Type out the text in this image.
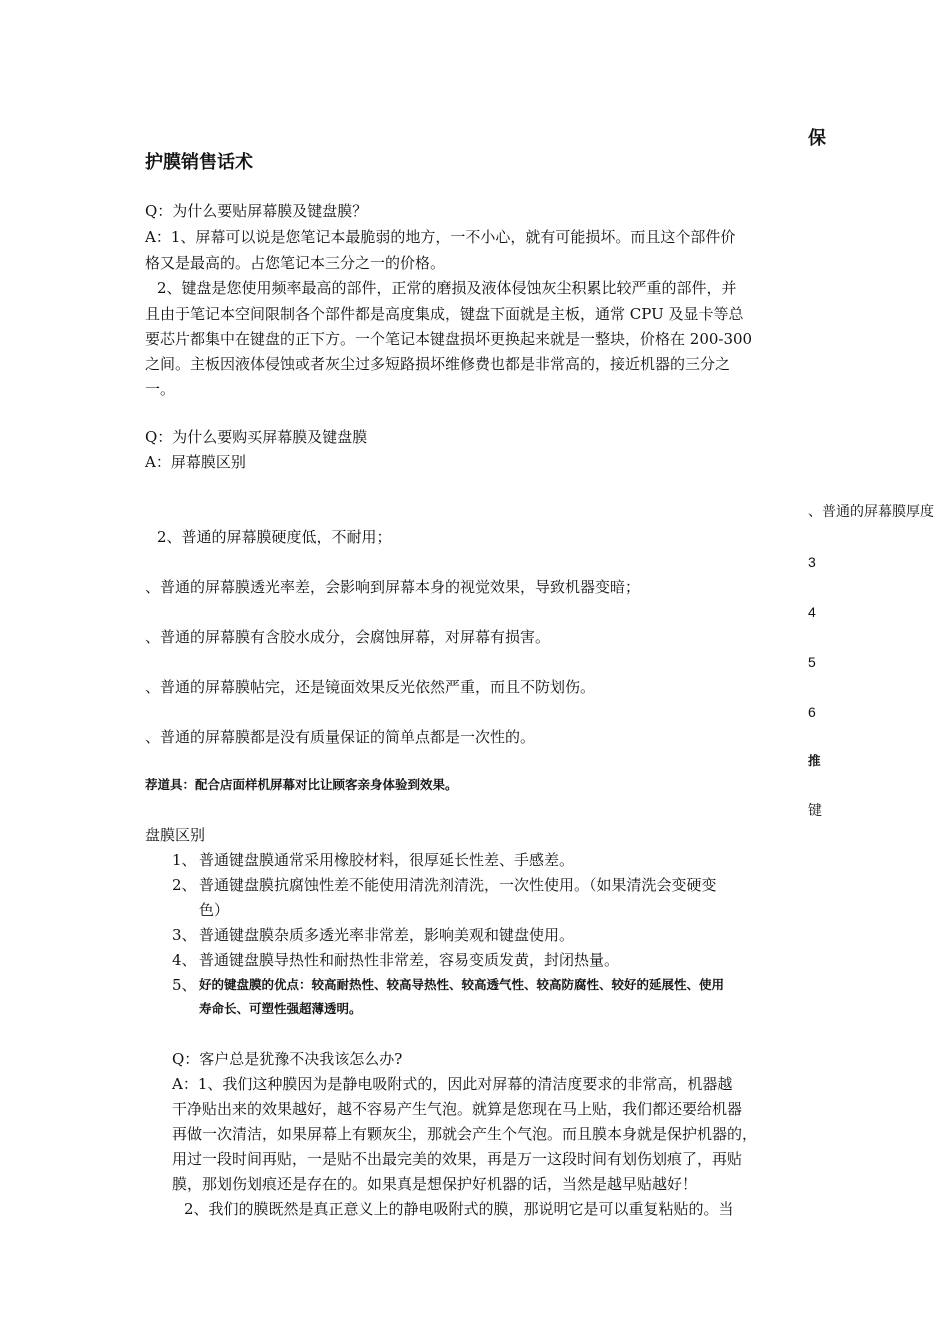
保
护膜销售话术
Q：为什么要贴屏幕膜及键盘膜？
A：1、屏幕可以说是您笔记本最脆弱的地方，一不小心，就有可能损坏。而且这个部件价
格又是最高的。占您笔记本三分之一的价格。
2、键盘是您使用频率最高的部件，正常的磨损及液体侵蚀灰尘积累比较严重的部件，并
且由于笔记本空间限制各个部件都是高度集成，键盘下面就是主板，通常 CPU 及显卡等总
要芯片都集中在键盘的正下方。一个笔记本键盘损坏更换起来就是一整块，价格在 200-300
之间。主板因液体侵蚀或者灰尘过多短路损坏维修费也都是非常高的，接近机器的三分之
一。
Q：为什么要购买屏幕膜及键盘膜
A：屏幕膜区别
、普通的屏幕膜厚度
2、普通的屏幕膜硬度低，不耐用；
3
、普通的屏幕膜透光率差，会影响到屏幕本身的视觉效果，导致机器变暗；
4
、普通的屏幕膜有含胶水成分，会腐蚀屏幕，对屏幕有损害。
5
、普通的屏幕膜帖完，还是镜面效果反光依然严重，而且不防划伤。
6
、普通的屏幕膜都是没有质量保证的简单点都是一次性的。
推
荐道具：配合店面样机屏幕对比让顾客亲身体验到效果。
键
盘膜区别
1、 普通键盘膜通常采用橡胶材料，很厚延长性差、手感差。
2、 普通键盘膜抗腐蚀性差不能使用清洗剂清洗，一次性使用。（如果清洗会变硬变
色）
3、 普通键盘膜杂质多透光率非常差，影响美观和键盘使用。
4、 普通键盘膜导热性和耐热性非常差，容易变质发黄，封闭热量。
5、 好的键盘膜的优点：较高耐热性、较高导热性、较高透气性、较高防腐性、较好的延展性、使用
寿命长、可塑性强超薄透明。
Q：客户总是犹豫不决我该怎么办?
A：1、我们这种膜因为是静电吸附式的，因此对屏幕的清洁度要求的非常高，机器越
干净贴出来的效果越好，越不容易产生气泡。就算是您现在马上贴，我们都还要给机器
再做一次清洁，如果屏幕上有颗灰尘，那就会产生个气泡。而且膜本身就是保护机器的，
用过一段时间再贴，一是贴不出最完美的效果，再是万一这段时间有划伤划痕了，再贴
膜，那划伤划痕还是存在的。如果真是想保护好机器的话，当然是越早贴越好！
2、我们的膜既然是真正意义上的静电吸附式的膜，那说明它是可以重复粘贴的。当
